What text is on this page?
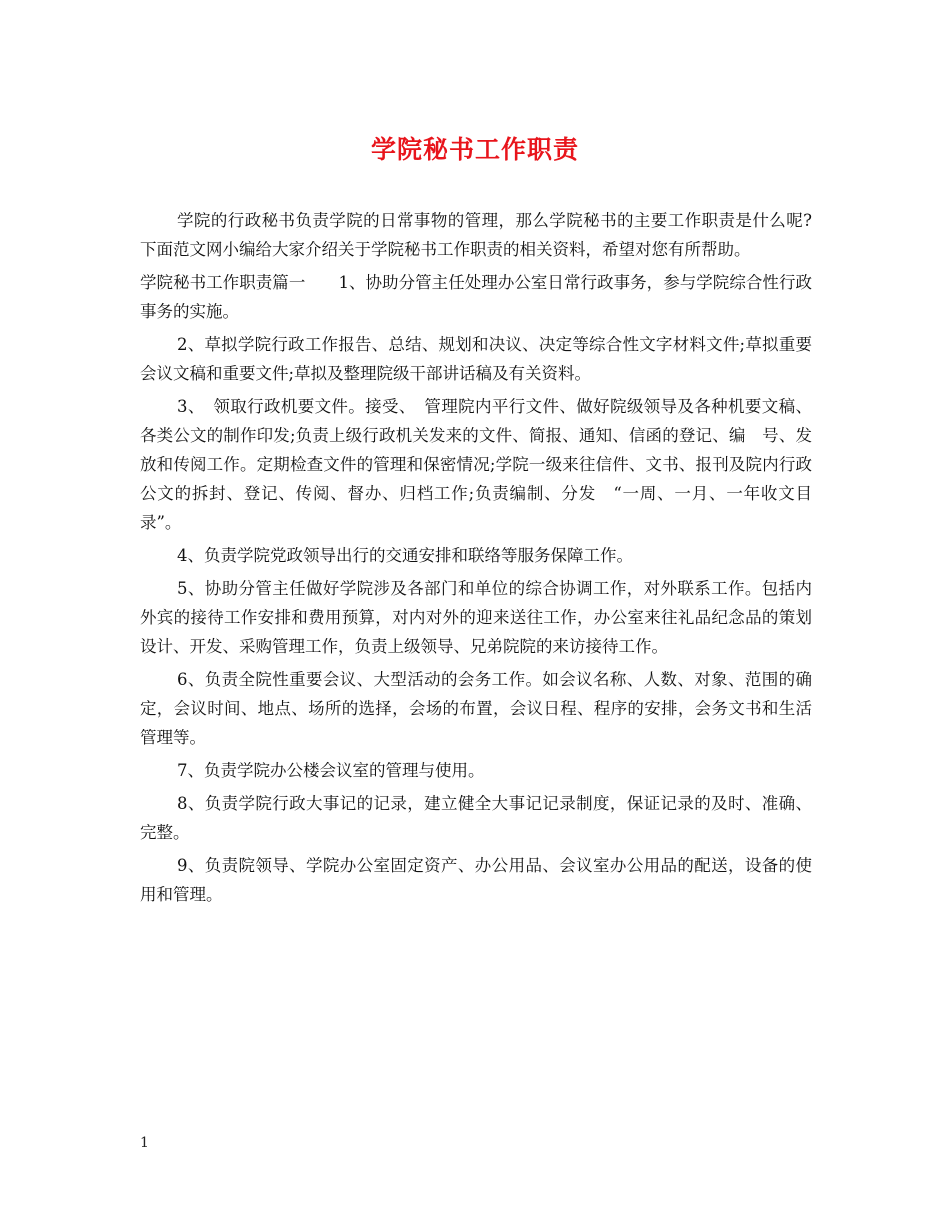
学院秘书工作职责

学院的行政秘书负责学院的日常事物的管理，那么学院秘书的主要工作职责是什么呢?下面范文网小编给大家介绍关于学院秘书工作职责的相关资料，希望对您有所帮助。

学院秘书工作职责篇一　　1、协助分管主任处理办公室日常行政事务，参与学院综合性行政事务的实施。

2、草拟学院行政工作报告、总结、规划和决议、决定等综合性文字材料文件;草拟重要会议文稿和重要文件;草拟及整理院级干部讲话稿及有关资料。

3、　领取行政机要文件。接受、　管理院内平行文件、做好院级领导及各种机要文稿、各类公文的制作印发;负责上级行政机关发来的文件、简报、通知、信函的登记、编　号、发放和传阅工作。定期检查文件的管理和保密情况;学院一级来往信件、文书、报刊及院内行政公文的拆封、登记、传阅、督办、归档工作;负责编制、分发　“一周、一月、一年收文目录”。

4、负责学院党政领导出行的交通安排和联络等服务保障工作。

5、协助分管主任做好学院涉及各部门和单位的综合协调工作，对外联系工作。包括内外宾的接待工作安排和费用预算，对内对外的迎来送往工作，办公室来往礼品纪念品的策划设计、开发、采购管理工作，负责上级领导、兄弟院院的来访接待工作。

6、负责全院性重要会议、大型活动的会务工作。如会议名称、人数、对象、范围的确定，会议时间、地点、场所的选择，会场的布置，会议日程、程序的安排，会务文书和生活管理等。

7、负责学院办公楼会议室的管理与使用。

8、负责学院行政大事记的记录，建立健全大事记记录制度，保证记录的及时、准确、完整。

9、负责院领导、学院办公室固定资产、办公用品、会议室办公用品的配送，设备的使用和管理。

1
